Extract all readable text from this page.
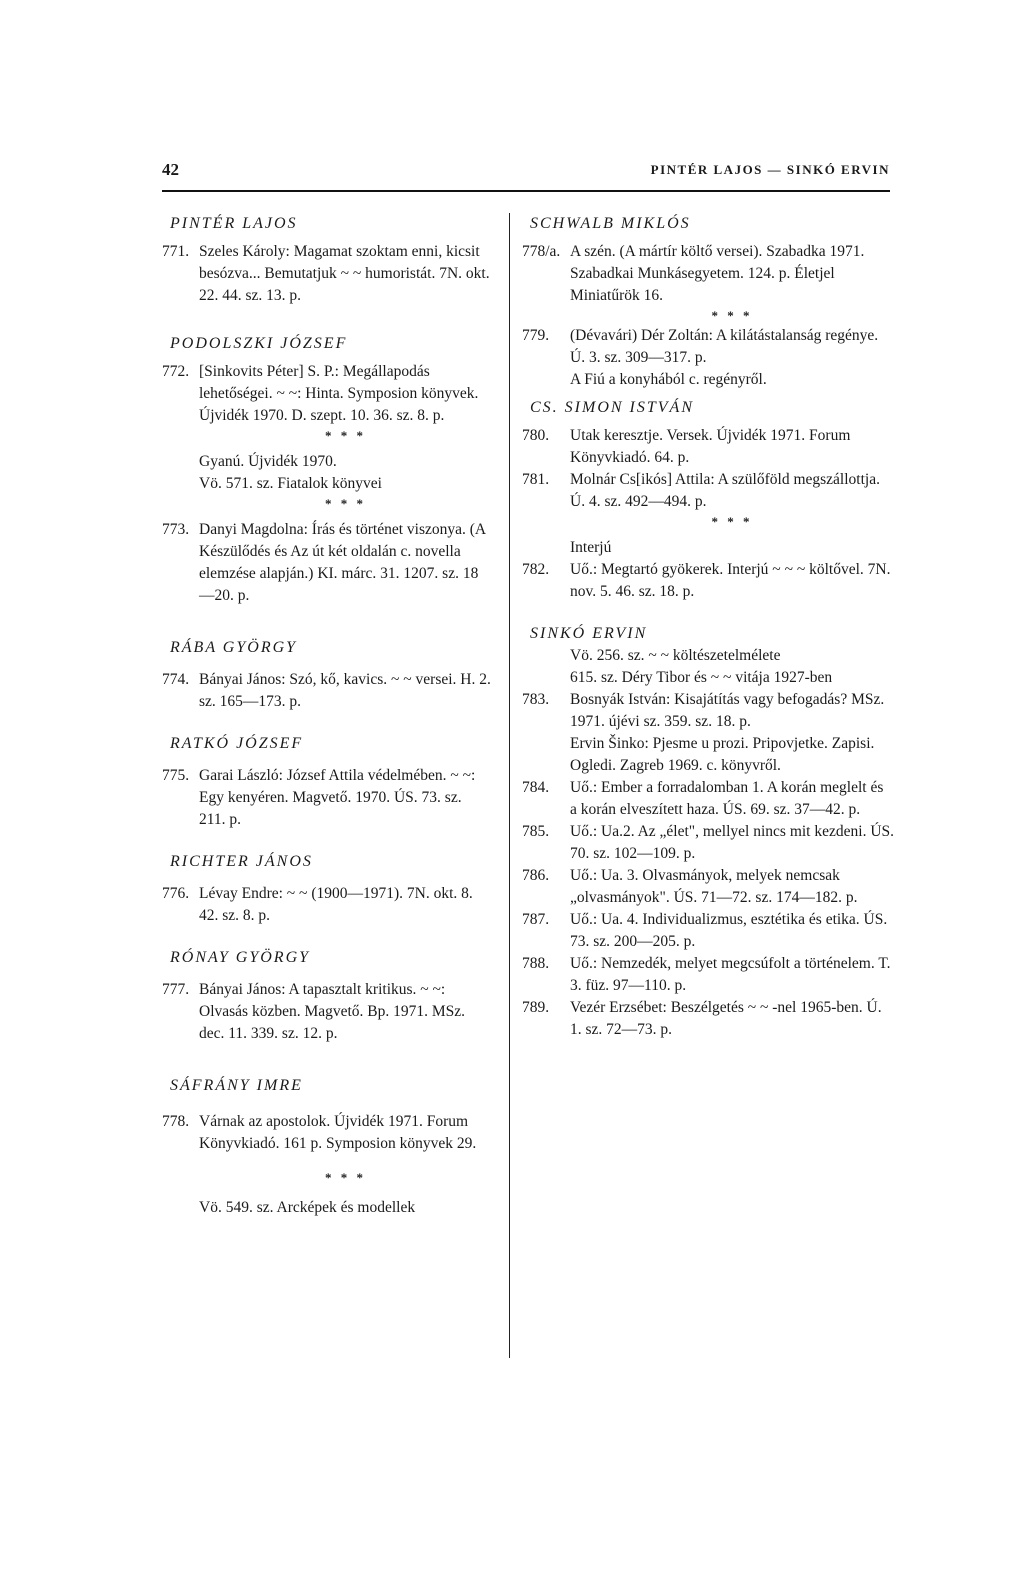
42	PINTÉR LAJOS — SINKÓ ERVIN
PINTÉR LAJOS
771. Szeles Károly: Magamat szoktam enni, kicsit besózva... Bemutatjuk ~ ~ humoristát. 7N. okt. 22. 44. sz. 13. p.
PODOLSZKI JÓZSEF
772. [Sinkovits Péter] S. P.: Megállapodás lehetőségei. ~ ~: Hinta. Symposion könyvek. Újvidék 1970. D. szept. 10. 36. sz. 8. p.
* * *
Gyanú. Újvidék 1970.
Vö. 571. sz. Fiatalok könyvei
* * *
773. Danyi Magdolna: Írás és történet viszonya. (A Készülődés és Az út két oldalán c. novella elemzése alapján.) KI. márc. 31. 1207. sz. 18—20. p.
RÁBA GYÖRGY
774. Bányai János: Szó, kő, kavics. ~ ~ versei. H. 2. sz. 165—173. p.
RATKÓ JÓZSEF
775. Garai László: József Attila védelmében. ~ ~: Egy kenyéren. Magvető. 1970. ÚS. 73. sz. 211. p.
RICHTER JÁNOS
776. Lévay Endre: ~ ~ (1900—1971). 7N. okt. 8. 42. sz. 8. p.
RÓNAY GYÖRGY
777. Bányai János: A tapasztalt kritikus. ~ ~: Olvasás közben. Magvető. Bp. 1971. MSz. dec. 11. 339. sz. 12. p.
SÁFRÁNY IMRE
778. Várnak az apostolok. Újvidék 1971. Forum Könyvkiadó. 161 p. Symposion könyvek 29.
* * *
Vö. 549. sz. Arcképek és modellek
SCHWALB MIKLÓS
778/a. A szén. (A mártír költő versei). Szabadka 1971. Szabadkai Munkásegyetem. 124. p. Életjel Miniatűrök 16.
* * *
779. (Dévavári) Dér Zoltán: A kilátástalanság regénye. Ú. 3. sz. 309—317. p.
A Fiú a konyhából c. regényről.
CS. SIMON ISTVÁN
780. Utak keresztje. Versek. Újvidék 1971. Forum Könyvkiadó. 64. p.
781. Molnár Cs[ikós] Attila: A szülőföld megszállottja. Ú. 4. sz. 492—494. p.
* * *
Interjú
782. Uő.: Megtartó gyökerek. Interjú ~ ~ ~ költővel. 7N. nov. 5. 46. sz. 18. p.
SINKÓ ERVIN
Vö. 256. sz. ~ ~ költészetelmélete
615. sz. Déry Tibor és ~ ~ vitája 1927-ben
783. Bosnyák István: Kisajátítás vagy befogadás? MSz. 1971. újévi sz. 359. sz. 18. p.
Ervin Šinko: Pjesme u prozi. Pripovjetke. Zapisi. Ogledi. Zagreb 1969. c. könyvről.
784. Uő.: Ember a forradalomban 1. A korán meglelt és a korán elveszített haza. ÚS. 69. sz. 37—42. p.
785. Uő.: Ua.2. Az „élet", mellyel nincs mit kezdeni. ÚS. 70. sz. 102—109. p.
786. Uő.: Ua. 3. Olvasmányok, melyek nemcsak „olvasmányok". ÚS. 71—72. sz. 174—182. p.
787. Uő.: Ua. 4. Individualizmus, esztétika és etika. ÚS. 73. sz. 200—205. p.
788. Uő.: Nemzedék, melyet megcsúfolt a történelem. T. 3. füz. 97—110. p.
789. Vezér Erzsébet: Beszélgetés ~ ~ -nel 1965-ben. Ú. 1. sz. 72—73. p.
